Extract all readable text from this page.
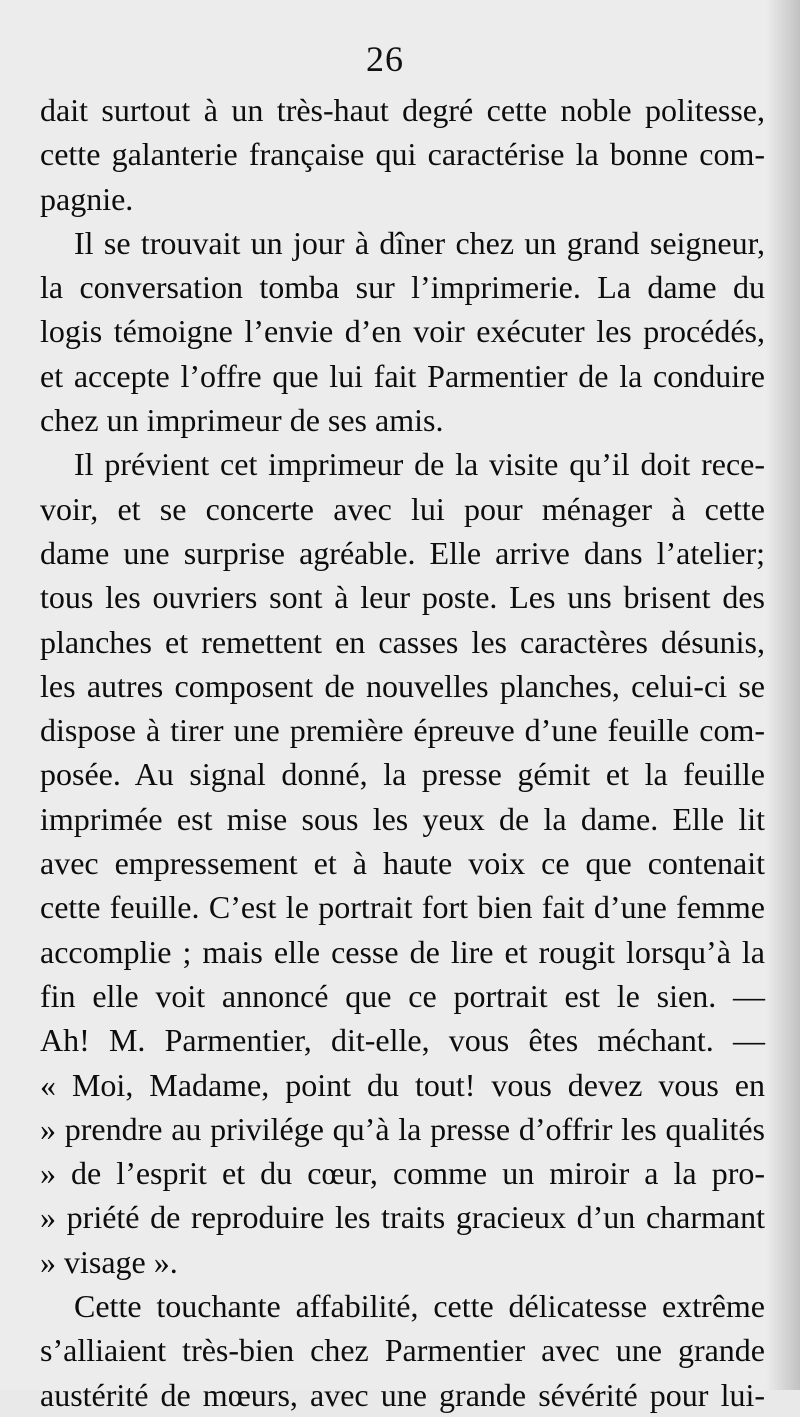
26
dait surtout à un très-haut degré cette noble politesse,
cette galanterie française qui caractérise la bonne com-
pagnie.
Il se trouvait un jour à dîner chez un grand seigneur,
la conversation tomba sur l’imprimerie. La dame du
logis témoigne l’envie d’en voir exécuter les procédés,
et accepte l’offre que lui fait Parmentier de la conduire
chez un imprimeur de ses amis.
Il prévient cet imprimeur de la visite qu’il doit rece-
voir, et se concerte avec lui pour ménager à cette
dame une surprise agréable. Elle arrive dans l’atelier;
tous les ouvriers sont à leur poste. Les uns brisent des
planches et remettent en casses les caractères désunis,
les autres composent de nouvelles planches, celui-ci se
dispose à tirer une première épreuve d’une feuille com-
posée. Au signal donné, la presse gémit et la feuille
imprimée est mise sous les yeux de la dame. Elle lit
avec empressement et à haute voix ce que contenait
cette feuille. C’est le portrait fort bien fait d’une femme
accomplie ; mais elle cesse de lire et rougit lorsqu’à la
fin elle voit annoncé que ce portrait est le sien. —
Ah! M. Parmentier, dit-elle, vous êtes méchant. —
« Moi, Madame, point du tout! vous devez vous en
» prendre au privilége qu’à la presse d’offrir les qualités
» de l’esprit et du cœur, comme un miroir a la pro-
» priété de reproduire les traits gracieux d’un charmant
» visage ».
Cette touchante affabilité, cette délicatesse extrême
s’alliaient très-bien chez Parmentier avec une grande
austérité de mœurs, avec une grande sévérité pour lui-
